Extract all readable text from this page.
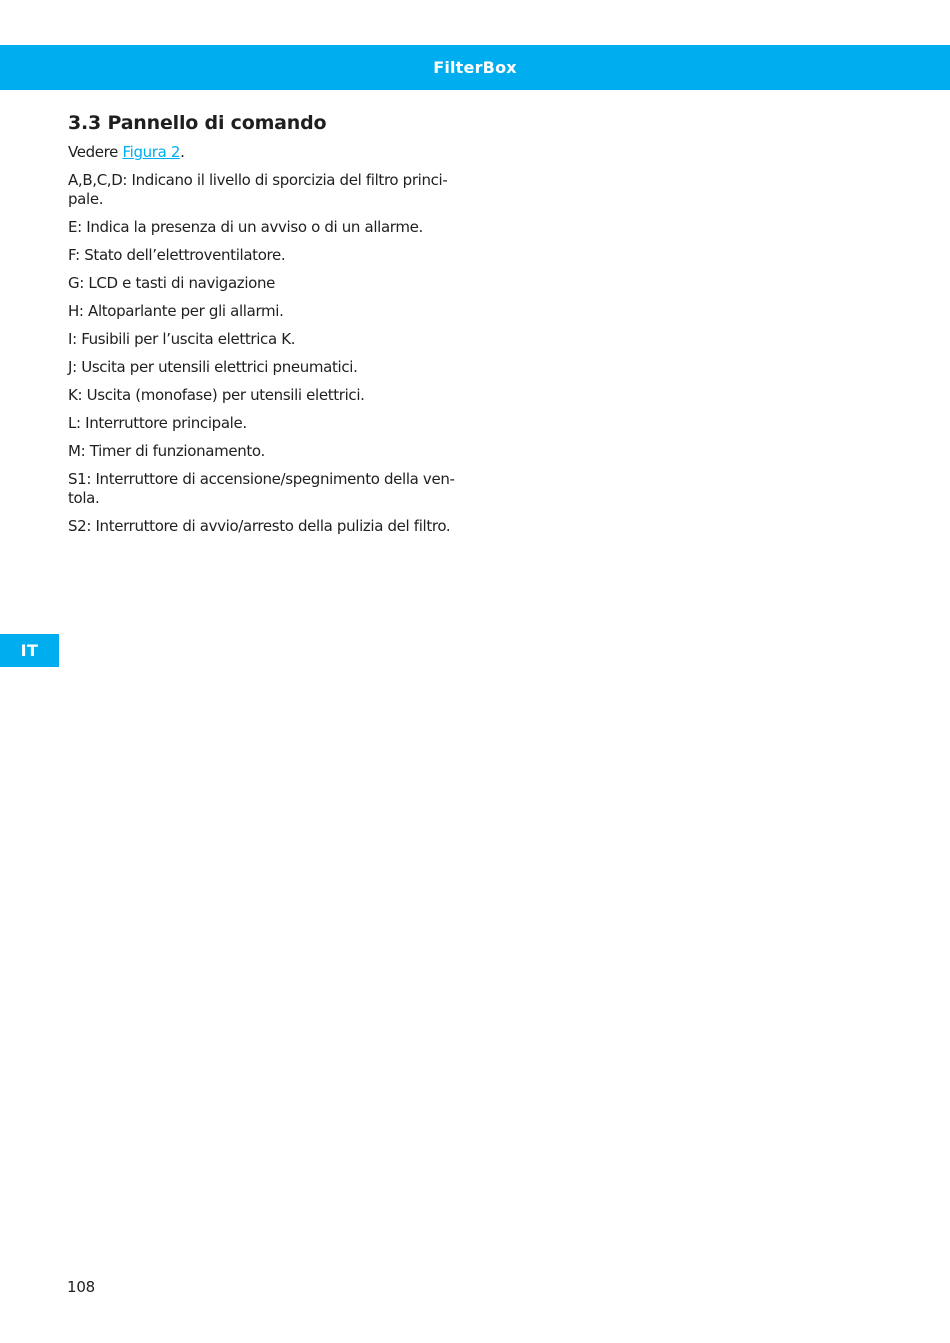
FilterBox
3.3 Pannello di comando

Vedere Figura 2.

A,B,C,D: Indicano il livello di sporcizia del filtro princi-
pale.

E: Indica la presenza di un avviso o di un allarme.

F: Stato dell’elettroventilatore.

G: LCD e tasti di navigazione

H: Altoparlante per gli allarmi.

I: Fusibili per l’uscita elettrica K.

J: Uscita per utensili elettrici pneumatici.

K: Uscita (monofase) per utensili elettrici.

L: Interruttore principale.

M: Timer di funzionamento.

S1: Interruttore di accensione/spegnimento della ven-
tola.

S2: Interruttore di avvio/arresto della pulizia del filtro.

IT
108
